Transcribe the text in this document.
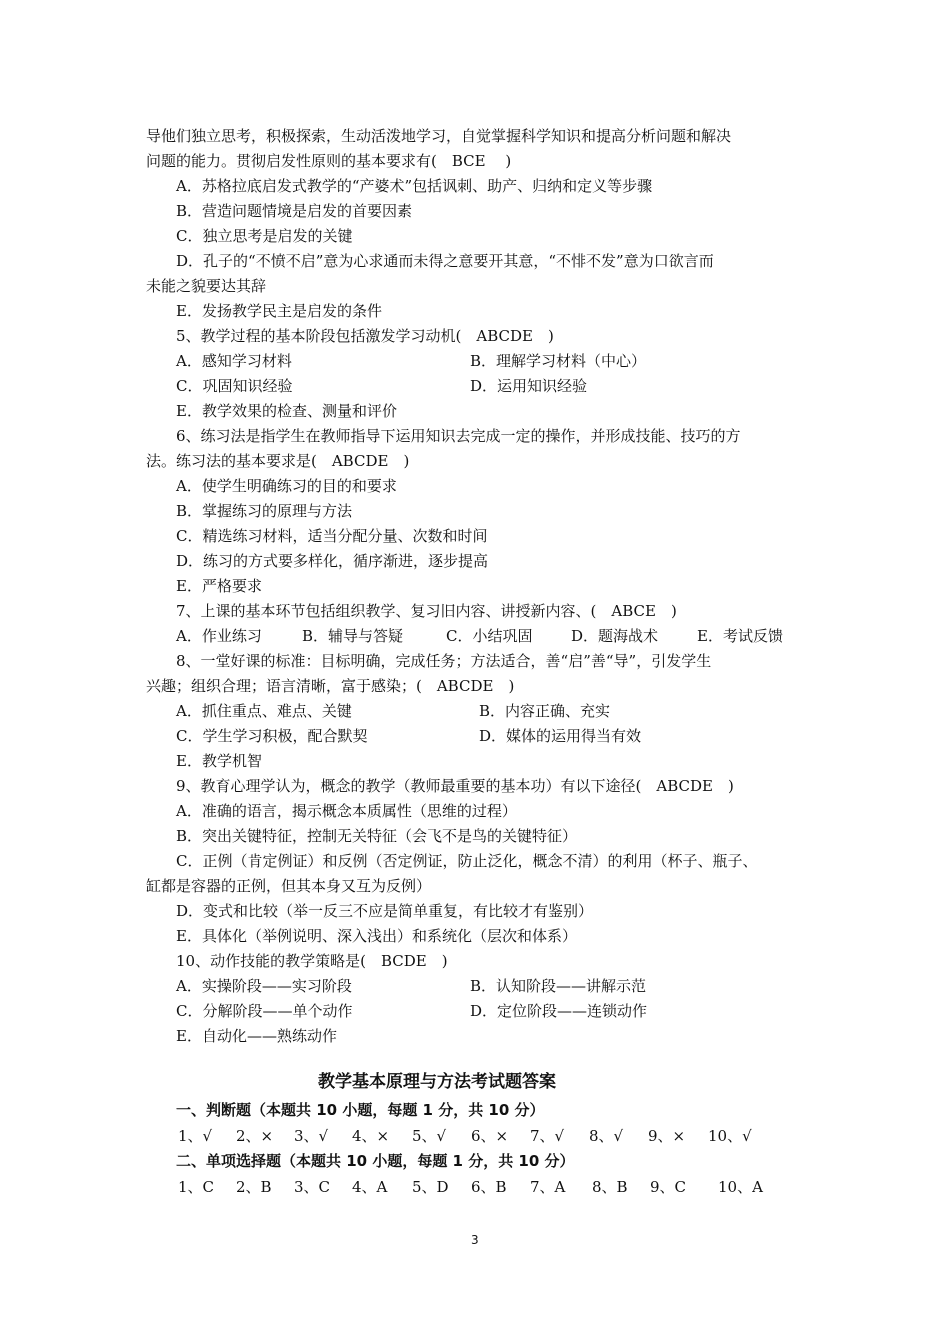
导他们独立思考，积极探索，生动活泼地学习，自觉掌握科学知识和提高分析问题和解决
问题的能力。贯彻启发性原则的基本要求有(　BCE　 )
A．苏格拉底启发式教学的“产婆术”包括讽刺、助产、归纳和定义等步骤
B．营造问题情境是启发的首要因素
C．独立思考是启发的关键
D．孔子的“不愤不启”意为心求通而未得之意要开其意，“不悱不发”意为口欲言而
未能之貌要达其辞
E．发扬教学民主是启发的条件
5、教学过程的基本阶段包括激发学习动机(　ABCDE　)
A．感知学习材料	B．理解学习材料（中心）
C．巩固知识经验	D．运用知识经验
E．教学效果的检查、测量和评价
6、练习法是指学生在教师指导下运用知识去完成一定的操作，并形成技能、技巧的方
法。练习法的基本要求是(　ABCDE　)
A．使学生明确练习的目的和要求
B．掌握练习的原理与方法
C．精选练习材料，适当分配分量、次数和时间
D．练习的方式要多样化，循序渐进，逐步提高
E．严格要求
7、上课的基本环节包括组织教学、复习旧内容、讲授新内容、(　ABCE　)
A．作业练习	B．辅导与答疑	C．小结巩固	D．题海战术	E．考试反馈
8、一堂好课的标准：目标明确，完成任务；方法适合，善“启”善“导”，引发学生
兴趣；组织合理；语言清晰，富于感染；(　ABCDE　)
A．抓住重点、难点、关键	B．内容正确、充实
C．学生学习积极，配合默契	D．媒体的运用得当有效
E．教学机智
9、教育心理学认为，概念的教学（教师最重要的基本功）有以下途径(　ABCDE　)
A．准确的语言，揭示概念本质属性（思维的过程）
B．突出关键特征，控制无关特征（会飞不是鸟的关键特征）
C．正例（肯定例证）和反例（否定例证，防止泛化，概念不清）的利用（杯子、瓶子、
缸都是容器的正例，但其本身又互为反例）
D．变式和比较（举一反三不应是简单重复，有比较才有鉴别）
E．具体化（举例说明、深入浅出）和系统化（层次和体系）
10、动作技能的教学策略是(　BCDE　)
A．实操阶段——实习阶段	B．认知阶段——讲解示范
C．分解阶段——单个动作	D．定位阶段——连锁动作
E．自动化——熟练动作
教学基本原理与方法考试题答案
一、判断题（本题共 10 小题，每题 1 分，共 10 分）
1、√ 2、× 3、√ 4、× 5、√ 6、× 7、√ 8、√ 9、× 10、√
二、单项选择题（本题共 10 小题，每题 1 分，共 10 分）
1、C 2、B 3、C 4、A 5、D 6、B 7、A 8、B 9、C 10、A
3
